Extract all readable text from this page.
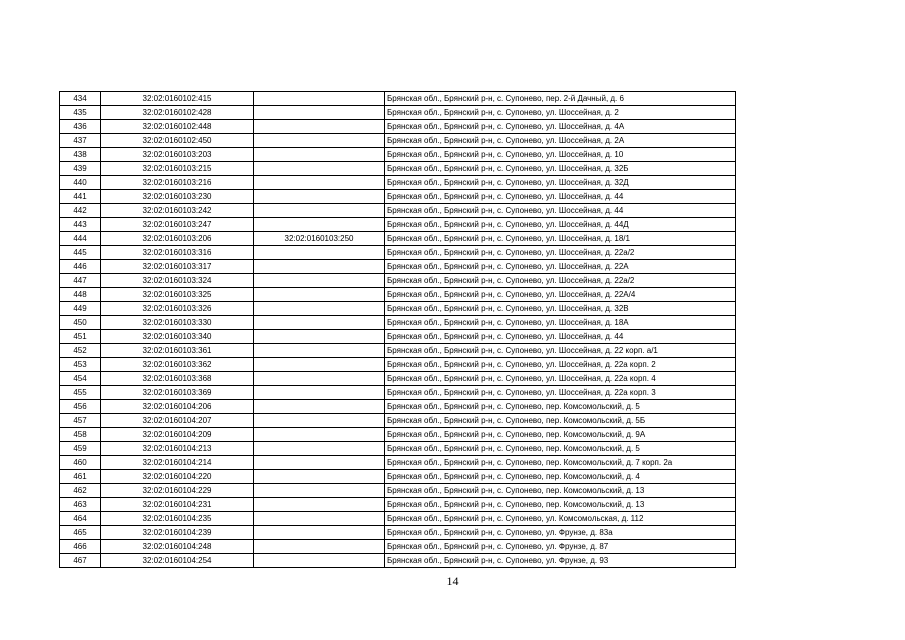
434	32:02:0160102:415		Брянская обл., Брянский р-н, с. Супонево, пер. 2-й Дачный, д. 6
435	32:02:0160102:428		Брянская обл., Брянский р-н, с. Супонево, ул. Шоссейная, д. 2
436	32:02:0160102:448		Брянская обл., Брянский р-н, с. Супонево, ул. Шоссейная, д. 4А
437	32:02:0160102:450		Брянская обл., Брянский р-н, с. Супонево, ул. Шоссейная, д. 2А
438	32:02:0160103:203		Брянская обл., Брянский р-н, с. Супонево, ул. Шоссейная, д. 10
439	32:02:0160103:215		Брянская обл., Брянский р-н, с. Супонево, ул. Шоссейная, д. 32Б
440	32:02:0160103:216		Брянская обл., Брянский р-н, с. Супонево, ул. Шоссейная, д. 32Д
441	32:02:0160103:230		Брянская обл., Брянский р-н, с. Супонево, ул. Шоссейная, д. 44
442	32:02:0160103:242		Брянская обл., Брянский р-н, с. Супонево, ул. Шоссейная, д. 44
443	32:02:0160103:247		Брянская обл., Брянский р-н, с. Супонево, ул. Шоссейная, д. 44Д
444	32:02:0160103:206	32:02:0160103:250	Брянская обл., Брянский р-н, с. Супонево, ул. Шоссейная, д. 18/1
445	32:02:0160103:316		Брянская обл., Брянский р-н, с. Супонево, ул. Шоссейная, д. 22а/2
446	32:02:0160103:317		Брянская обл., Брянский р-н, с. Супонево, ул. Шоссейная, д. 22А
447	32:02:0160103:324		Брянская обл., Брянский р-н, с. Супонево, ул. Шоссейная, д. 22а/2
448	32:02:0160103:325		Брянская обл., Брянский р-н, с. Супонево, ул. Шоссейная, д. 22А/4
449	32:02:0160103:326		Брянская обл., Брянский р-н, с. Супонево, ул. Шоссейная, д. 32В
450	32:02:0160103:330		Брянская обл., Брянский р-н, с. Супонево, ул. Шоссейная, д. 18А
451	32:02:0160103:340		Брянская обл., Брянский р-н, с. Супонево, ул. Шоссейная, д. 44
452	32:02:0160103:361		Брянская обл., Брянский р-н, с. Супонево, ул. Шоссейная, д. 22 корп. а/1
453	32:02:0160103:362		Брянская обл., Брянский р-н, с. Супонево, ул. Шоссейная, д. 22а корп. 2
454	32:02:0160103:368		Брянская обл., Брянский р-н, с. Супонево, ул. Шоссейная, д. 22а корп. 4
455	32:02:0160103:369		Брянская обл., Брянский р-н, с. Супонево, ул. Шоссейная, д. 22а корп. 3
456	32:02:0160104:206		Брянская обл., Брянский р-н, с. Супонево, пер. Комсомольский, д. 5
457	32:02:0160104:207		Брянская обл., Брянский р-н, с. Супонево, пер. Комсомольский, д. 5Б
458	32:02:0160104:209		Брянская обл., Брянский р-н, с. Супонево, пер. Комсомольский, д. 9А
459	32:02:0160104:213		Брянская обл., Брянский р-н, с. Супонево, пер. Комсомольский, д. 5
460	32:02:0160104:214		Брянская обл., Брянский р-н, с. Супонево, пер. Комсомольский, д. 7 корп. 2а
461	32:02:0160104:220		Брянская обл., Брянский р-н, с. Супонево, пер. Комсомольский, д. 4
462	32:02:0160104:229		Брянская обл., Брянский р-н, с. Супонево, пер. Комсомольский, д. 13
463	32:02:0160104:231		Брянская обл., Брянский р-н, с. Супонево, пер. Комсомольский, д. 13
464	32:02:0160104:235		Брянская обл., Брянский р-н, с. Супонево, ул. Комсомольская, д. 112
465	32:02:0160104:239		Брянская обл., Брянский р-н, с. Супонево, ул. Фрунзе, д. 83а
466	32:02:0160104:248		Брянская обл., Брянский р-н, с. Супонево, ул. Фрунзе, д. 87
467	32:02:0160104:254		Брянская обл., Брянский р-н, с. Супонево, ул. Фрунзе, д. 93
14
